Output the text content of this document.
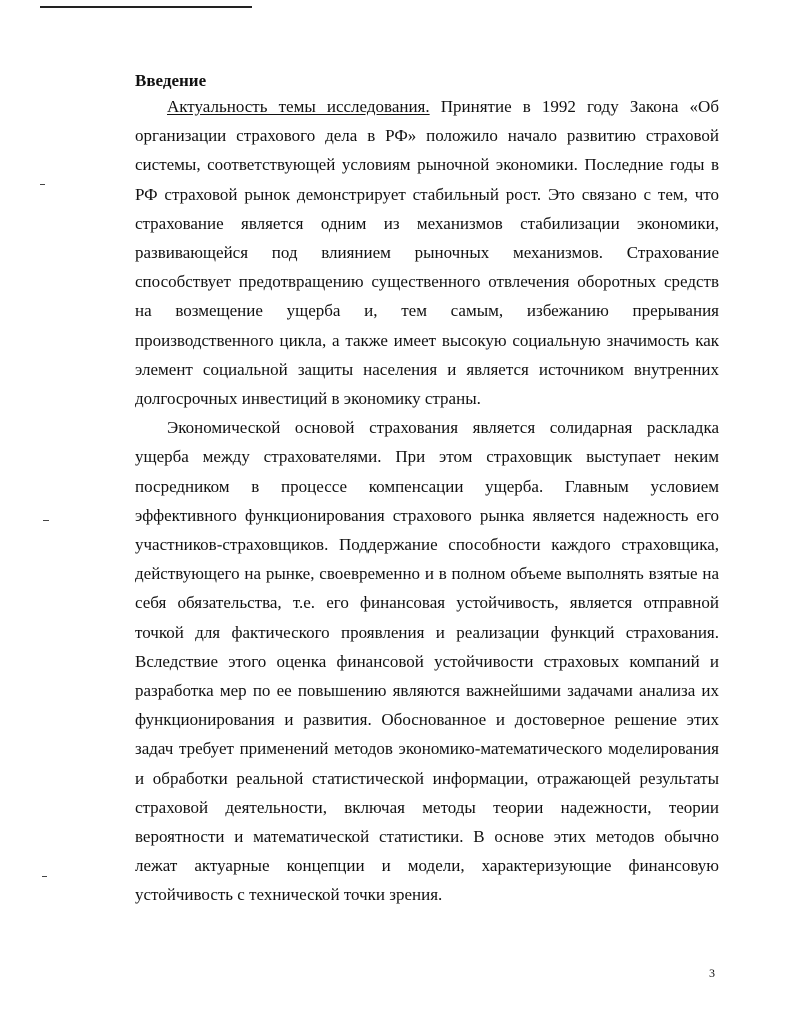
Введение

Актуальность темы исследования. Принятие в 1992 году Закона «Об организации страхового дела в РФ» положило начало развитию страховой системы, соответствующей условиям рыночной экономики. Последние годы в РФ страховой рынок демонстрирует стабильный рост. Это связано с тем, что страхование является одним из механизмов стабилизации экономики, развивающейся под влиянием рыночных механизмов. Страхование способствует предотвращению существенного отвлечения оборотных средств на возмещение ущерба и, тем самым, избежанию прерывания производственного цикла, а также имеет высокую социальную значимость как элемент социальной защиты населения и является источником внутренних долгосрочных инвестиций в экономику страны.

Экономической основой страхования является солидарная раскладка ущерба между страхователями. При этом страховщик выступает неким посредником в процессе компенсации ущерба. Главным условием эффективного функционирования страхового рынка является надежность его участников-страховщиков. Поддержание способности каждого страховщика, действующего на рынке, своевременно и в полном объеме выполнять взятые на себя обязательства, т.е. его финансовая устойчивость, является отправной точкой для фактического проявления и реализации функций страхования. Вследствие этого оценка финансовой устойчивости страховых компаний и разработка мер по ее повышению являются важнейшими задачами анализа их функционирования и развития. Обоснованное и достоверное решение этих задач требует применений методов экономико-математического моделирования и обработки реальной статистической информации, отражающей результаты страховой деятельности, включая методы теории надежности, теории вероятности и математической статистики. В основе этих методов обычно лежат актуарные концепции и модели, характеризующие финансовую устойчивость с технической точки зрения.

3
